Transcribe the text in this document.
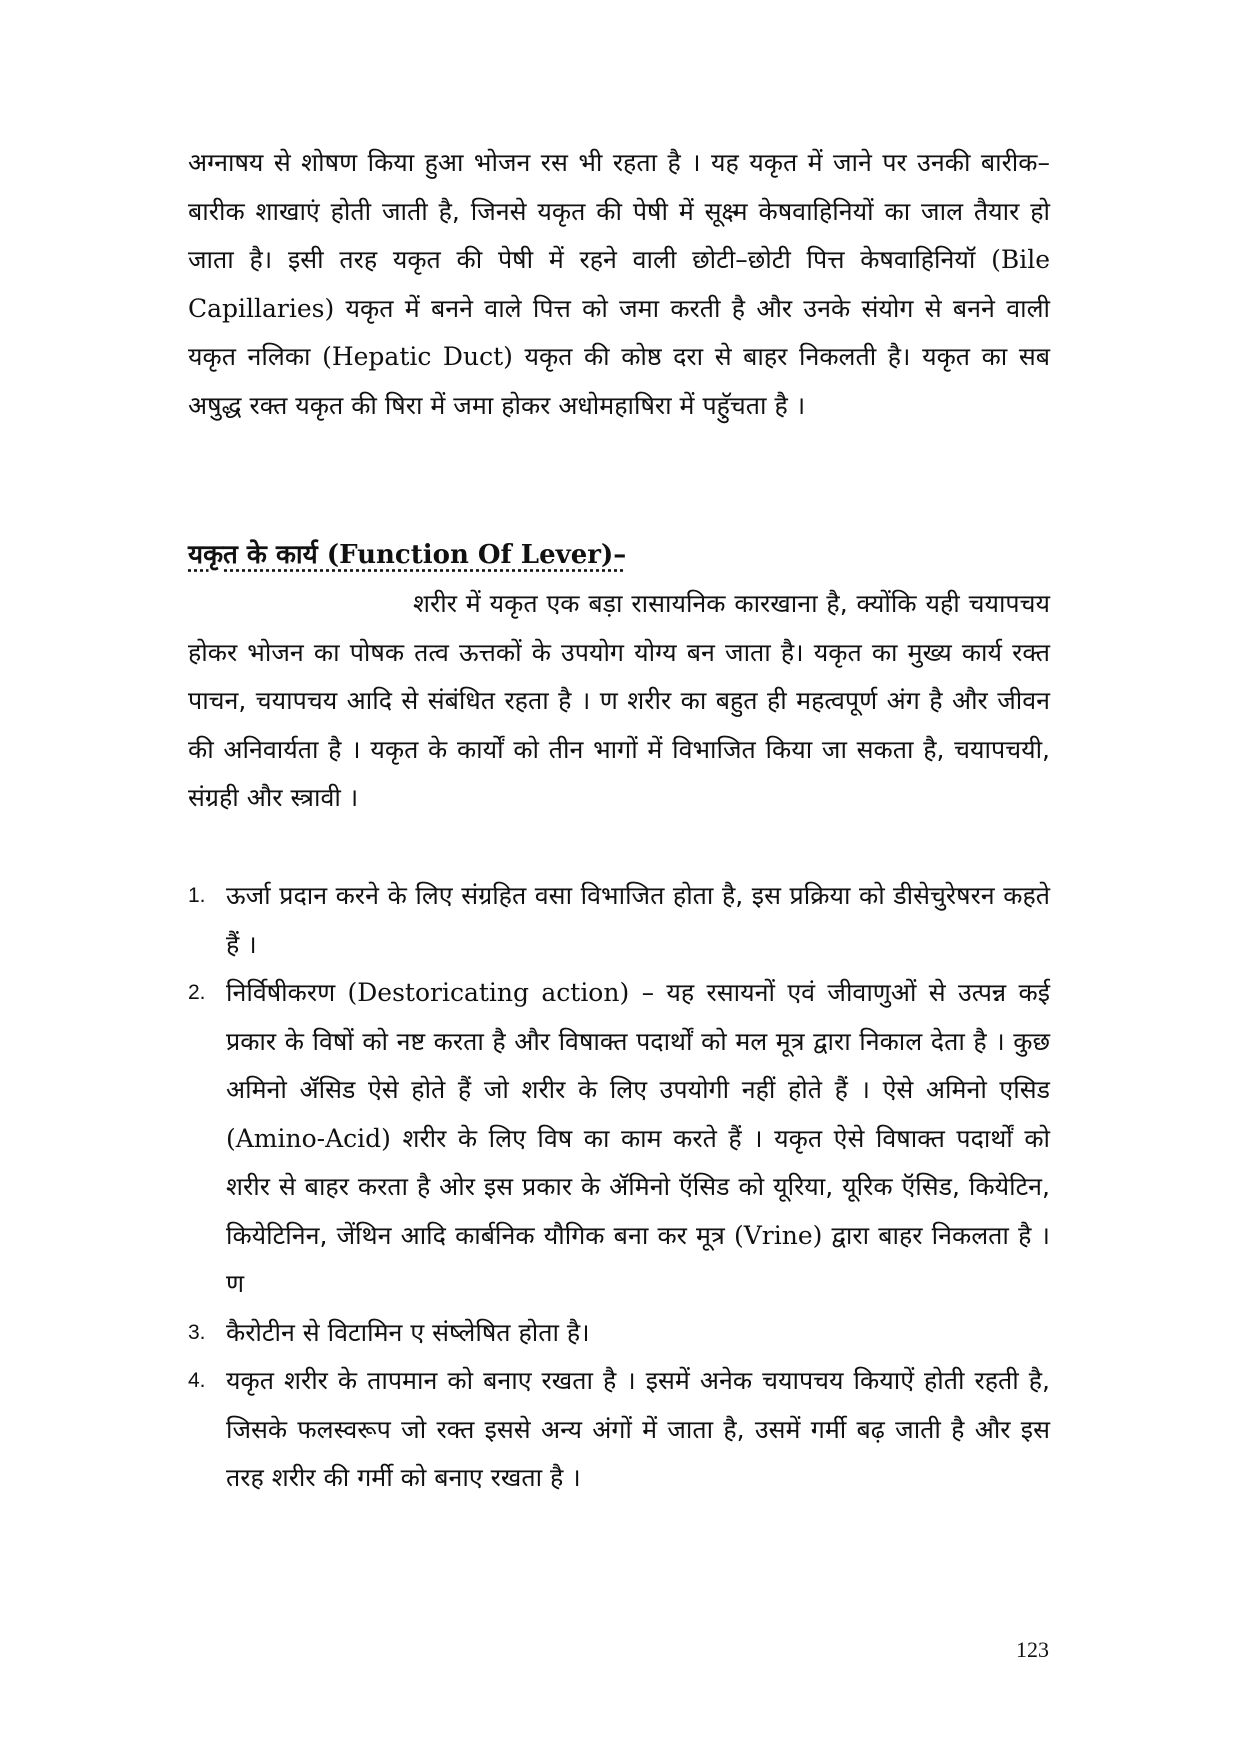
अग्नाषय से शोषण किया हुआ भोजन रस भी रहता है । यह यकृत में जाने पर उनकी बारीक–बारीक शाखाएं होती जाती है, जिनसे यकृत की पेषी में सूक्ष्म केषवाहिनियों का जाल तैयार हो जाता है। इसी तरह यकृत की पेषी में रहने वाली छोटी–छोटी पित्त केषवाहिनियॉ (Bile Capillaries) यकृत में बनने वाले पित्त को जमा करती है और उनके संयोग से बनने वाली यकृत नलिका (Hepatic Duct) यकृत की कोष्ठ दरा से बाहर निकलती है। यकृत का सब अषुद्ध रक्त यकृत की षिरा में जमा होकर अधोमहाषिरा में पहॅुचता है ।

यकृत के कार्य (Function Of Lever)–

शरीर में यकृत एक बड़ा रासायनिक कारखाना है, क्योंकि यही चयापचय होकर भोजन का पोषक तत्व ऊत्तकों के उपयोग योग्य बन जाता है। यकृत का मुख्य कार्य रक्त पाचन, चयापचय आदि से संबंधित रहता है । ण शरीर का बहुत ही महत्वपूर्ण अंग है और जीवन की अनिवार्यता है । यकृत के कार्यों को तीन भागों में विभाजित किया जा सकता है, चयापचयी, संग्रही और स्त्रावी ।

1. ऊर्जा प्रदान करने के लिए संग्रहित वसा विभाजित होता है, इस प्रक्रिया को डीसेचुरेषरन कहते हैं ।
2. निर्विषीकरण (Destoricating action) – यह रसायनों एवं जीवाणुओं से उत्पन्न कई प्रकार के विषों को नष्ट करता है और विषाक्त पदार्थों को मल मूत्र द्वारा निकाल देता है । कुछ अमिनो ॲसिड ऐसे होते हैं जो शरीर के लिए उपयोगी नहीं होते हैं । ऐसे अमिनो एसिड (Amino-Acid) शरीर के लिए विष का काम करते हैं । यकृत ऐसे विषाक्त पदार्थों को शरीर से बाहर करता है ओर इस प्रकार के ॲमिनो ऍसिड को यूरिया, यूरिक ऍसिड, कियेटिन, कियेटिनिन, जेंथिन आदि कार्बनिक यौगिक बना कर मूत्र (Vrine) द्वारा बाहर निकलता है ।ण
3. कैरोटीन से विटामिन ए संष्लेषित होता है।
4. यकृत शरीर के तापमान को बनाए रखता है । इसमें अनेक चयापचय कियाऐं होती रहती है, जिसके फलस्वरूप जो रक्त इससे अन्य अंगों में जाता है, उसमें गर्मी बढ़ जाती है और इस तरह शरीर की गर्मी को बनाए रखता है ।
123
